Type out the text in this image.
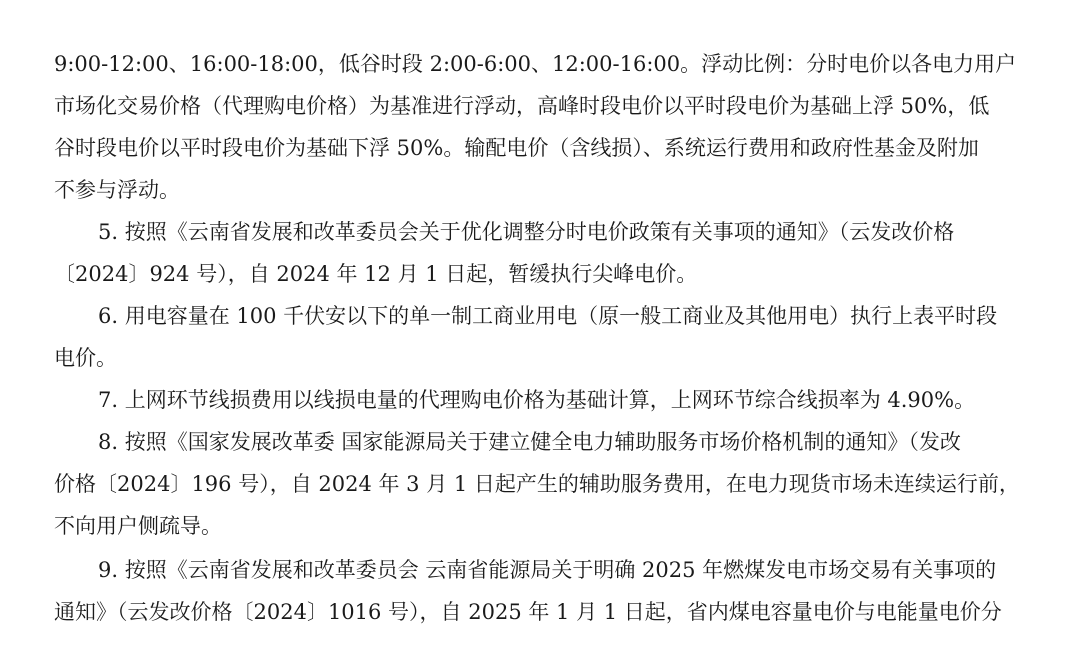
9:00-12:00、16:00-18:00，低谷时段 2:00-6:00、12:00-16:00。浮动比例：分时电价以各电力用户
市场化交易价格（代理购电价格）为基准进行浮动，高峰时段电价以平时段电价为基础上浮 50%，低
谷时段电价以平时段电价为基础下浮 50%。输配电价（含线损）、系统运行费用和政府性基金及附加
不参与浮动。
5. 按照《云南省发展和改革委员会关于优化调整分时电价政策有关事项的通知》（云发改价格
〔2024〕924 号），自 2024 年 12 月 1 日起，暂缓执行尖峰电价。
6. 用电容量在 100 千伏安以下的单一制工商业用电（原一般工商业及其他用电）执行上表平时段
电价。
7. 上网环节线损费用以线损电量的代理购电价格为基础计算，上网环节综合线损率为 4.90%。
8. 按照《国家发展改革委 国家能源局关于建立健全电力辅助服务市场价格机制的通知》（发改
价格〔2024〕196 号），自 2024 年 3 月 1 日起产生的辅助服务费用，在电力现货市场未连续运行前，
不向用户侧疏导。
9. 按照《云南省发展和改革委员会 云南省能源局关于明确 2025 年燃煤发电市场交易有关事项的
通知》（云发改价格〔2024〕1016 号），自 2025 年 1 月 1 日起，省内煤电容量电价与电能量电价分
